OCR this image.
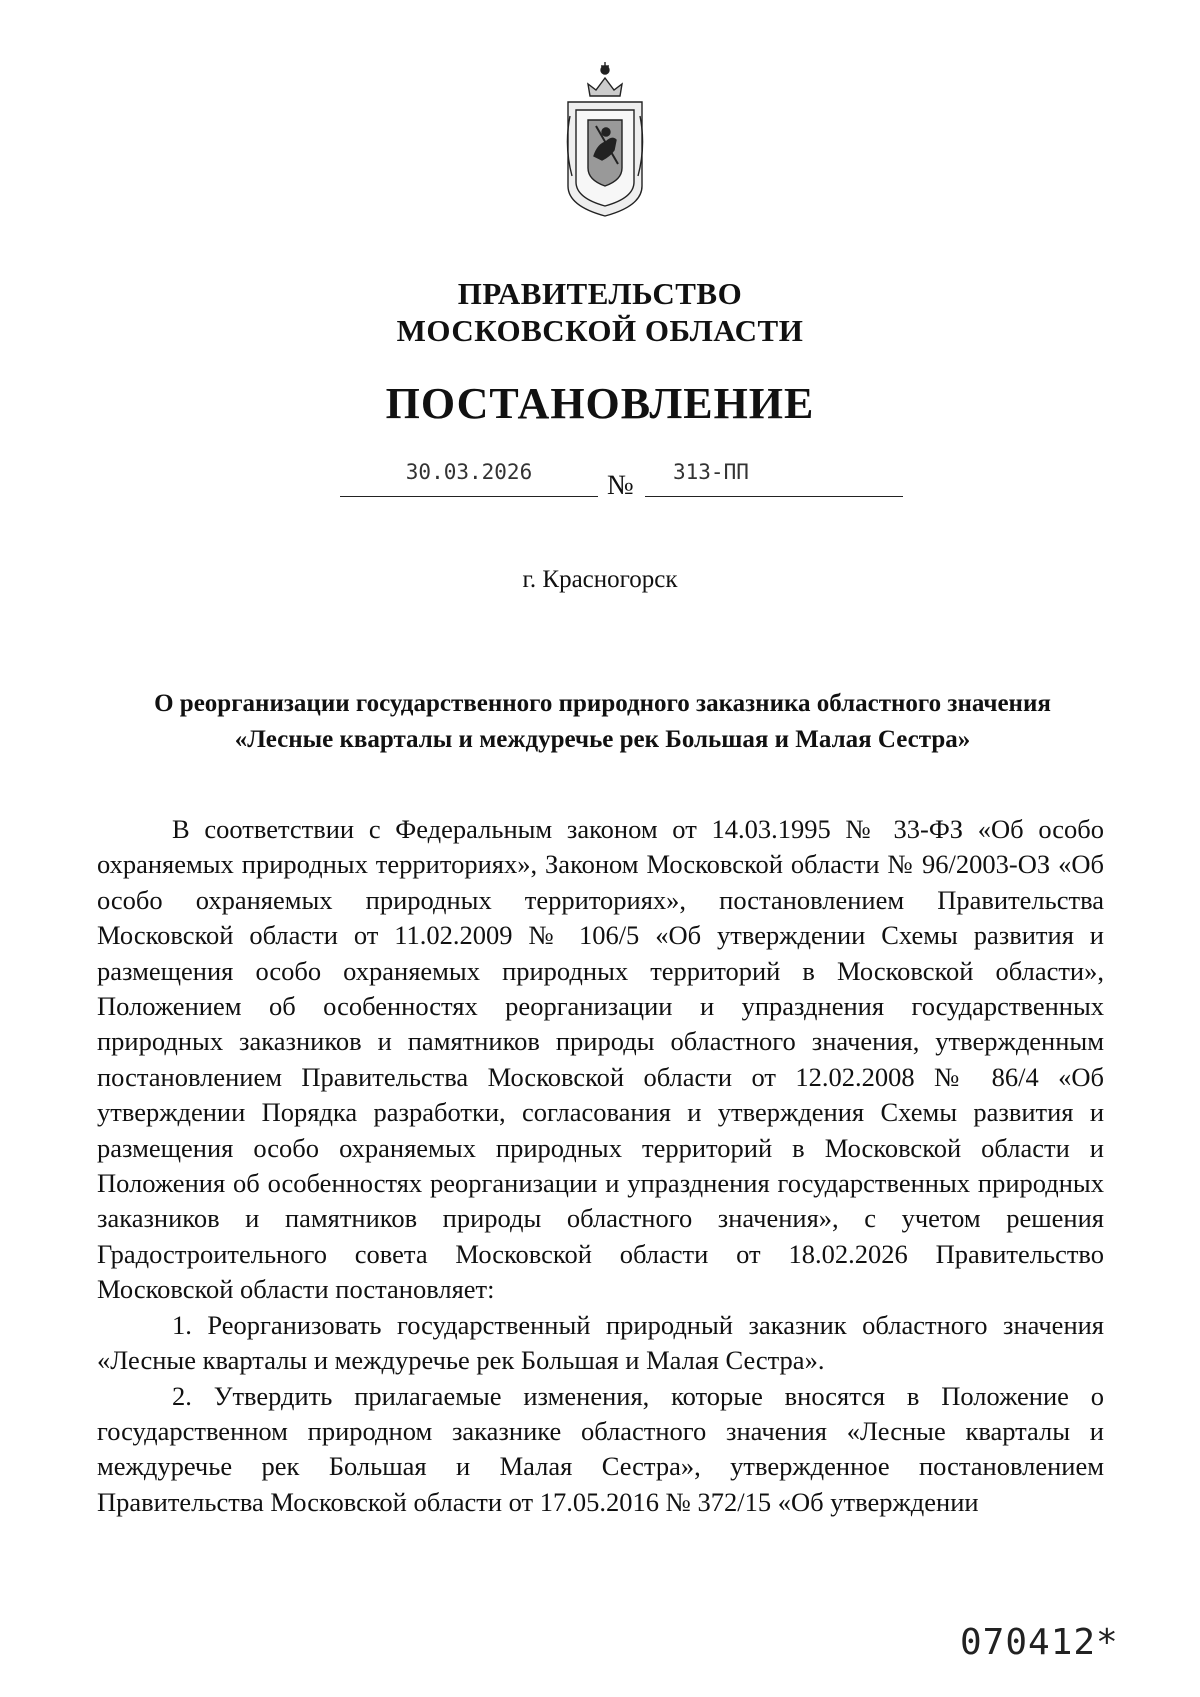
ПРАВИТЕЛЬСТВО
МОСКОВСКОЙ ОБЛАСТИ
ПОСТАНОВЛЕНИЕ
30.03.2026	№	313-ПП
г. Красногорск
О реорганизации государственного природного заказника областного значения «Лесные кварталы и междуречье рек Большая и Малая Сестра»

В соответствии с Федеральным законом от 14.03.1995 № 33-ФЗ «Об особо охраняемых природных территориях», Законом Московской области № 96/2003-ОЗ «Об особо охраняемых природных территориях», постановлением Правительства Московской области от 11.02.2009 № 106/5 «Об утверждении Схемы развития и размещения особо охраняемых природных территорий в Московской области», Положением об особенностях реорганизации и упразднения государственных природных заказников и памятников природы областного значения, утвержденным постановлением Правительства Московской области от 12.02.2008 № 86/4 «Об утверждении Порядка разработки, согласования и утверждения Схемы развития и размещения особо охраняемых природных территорий в Московской области и Положения об особенностях реорганизации и упразднения государственных природных заказников и памятников природы областного значения», с учетом решения Градостроительного совета Московской области от 18.02.2026 Правительство Московской области постановляет:

1. Реорганизовать государственный природный заказник областного значения «Лесные кварталы и междуречье рек Большая и Малая Сестра».

2. Утвердить прилагаемые изменения, которые вносятся в Положение о государственном природном заказнике областного значения «Лесные кварталы и междуречье рек Большая и Малая Сестра», утвержденное постановлением Правительства Московской области от 17.05.2016 № 372/15 «Об утверждении

070412*
